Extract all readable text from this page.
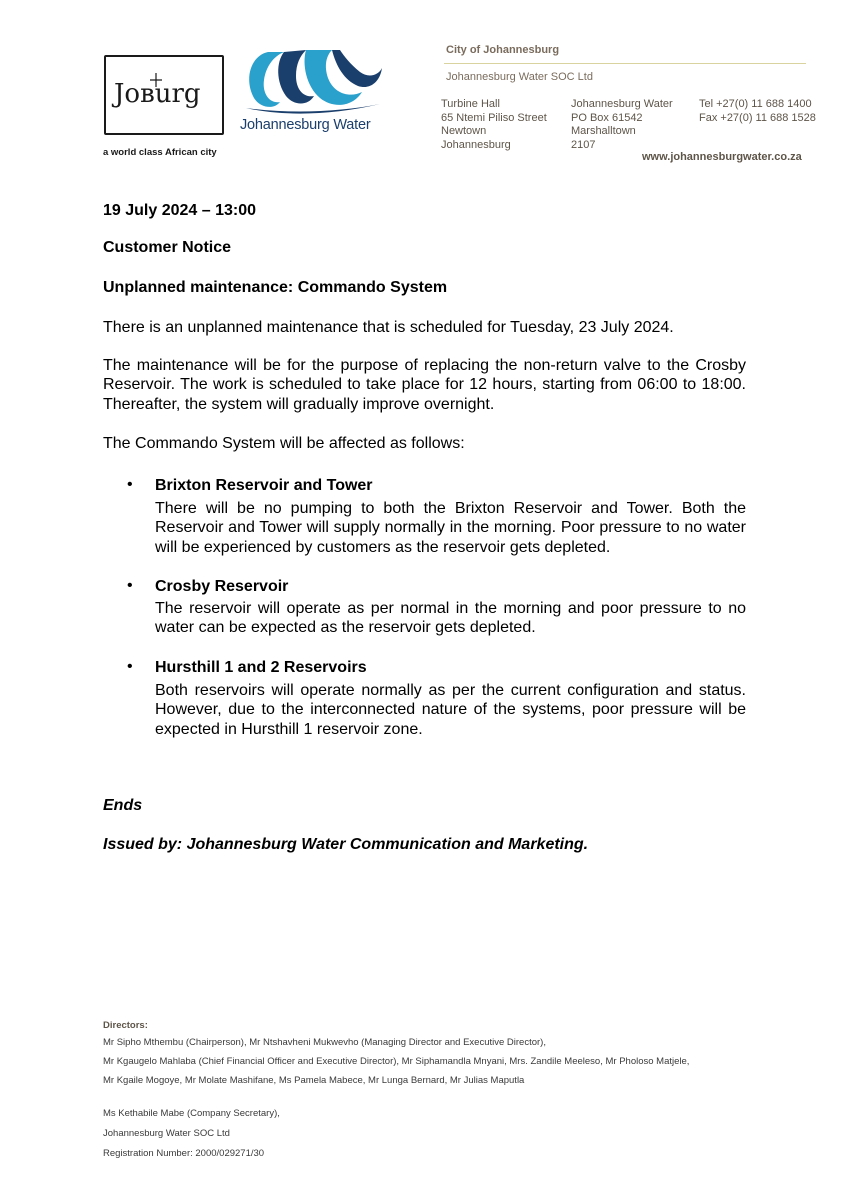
Joʙurg
a world class African city
Johannesburg Water
City of Johannesburg
Johannesburg Water SOC Ltd
Turbine Hall
65 Ntemi Piliso Street
Newtown
Johannesburg
Johannesburg Water
PO Box 61542
Marshalltown
2107
Tel +27(0) 11 688 1400
Fax +27(0) 11 688 1528
www.johannesburgwater.co.za
19 July 2024 – 13:00
Customer Notice
Unplanned maintenance: Commando System
There is an unplanned maintenance that is scheduled for Tuesday, 23 July 2024.
The maintenance will be for the purpose of replacing the non-return valve to the Crosby Reservoir. The work is scheduled to take place for 12 hours, starting from 06:00 to 18:00. Thereafter, the system will gradually improve overnight.
The Commando System will be affected as follows:
• Brixton Reservoir and Tower
There will be no pumping to both the Brixton Reservoir and Tower. Both the Reservoir and Tower will supply normally in the morning. Poor pressure to no water will be experienced by customers as the reservoir gets depleted.
• Crosby Reservoir
The reservoir will operate as per normal in the morning and poor pressure to no water can be expected as the reservoir gets depleted.
• Hursthill 1 and 2 Reservoirs
Both reservoirs will operate normally as per the current configuration and status. However, due to the interconnected nature of the systems, poor pressure will be expected in Hursthill 1 reservoir zone.
Ends
Issued by: Johannesburg Water Communication and Marketing.
Directors:
Mr Sipho Mthembu (Chairperson), Mr Ntshavheni Mukwevho (Managing Director and Executive Director),
Mr Kgaugelo Mahlaba (Chief Financial Officer and Executive Director), Mr Siphamandla Mnyani, Mrs. Zandile Meeleso, Mr Pholoso Matjele,
Mr Kgaile Mogoye, Mr Molate Mashifane, Ms Pamela Mabece, Mr Lunga Bernard, Mr Julias Maputla
Ms Kethabile Mabe (Company Secretary),
Johannesburg Water SOC Ltd
Registration Number: 2000/029271/30
